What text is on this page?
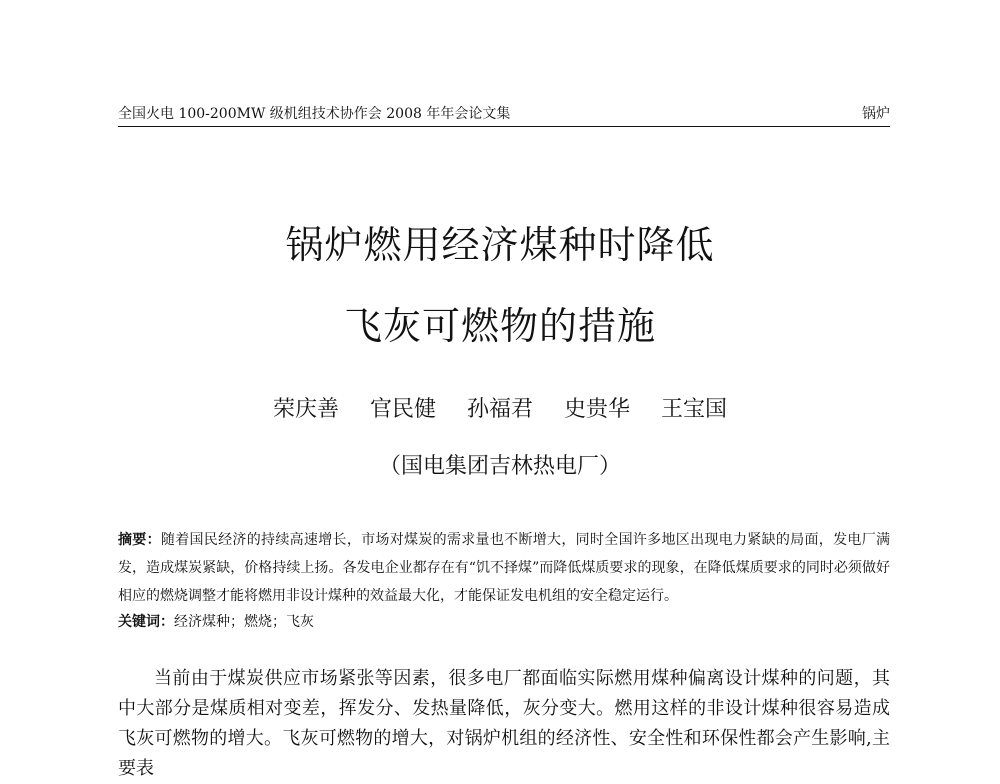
全国火电 100-200MW 级机组技术协作会 2008 年年会论文集	锅炉
锅炉燃用经济煤种时降低
飞灰可燃物的措施
荣庆善 官民健 孙福君 史贵华 王宝国
（国电集团吉林热电厂）
摘要：随着国民经济的持续高速增长，市场对煤炭的需求量也不断增大，同时全国许多地区出现电力紧缺的局面，发电厂满发，造成煤炭紧缺，价格持续上扬。各发电企业都存在有“饥不择煤”而降低煤质要求的现象，在降低煤质要求的同时必须做好相应的燃烧调整才能将燃用非设计煤种的效益最大化，才能保证发电机组的安全稳定运行。
关键词：经济煤种；燃烧；飞灰
当前由于煤炭供应市场紧张等因素，很多电厂都面临实际燃用煤种偏离设计煤种的问题，其中大部分是煤质相对变差，挥发分、发热量降低，灰分变大。燃用这样的非设计煤种很容易造成飞灰可燃物的增大。飞灰可燃物的增大，对锅炉机组的经济性、安全性和环保性都会产生影响,主要表
